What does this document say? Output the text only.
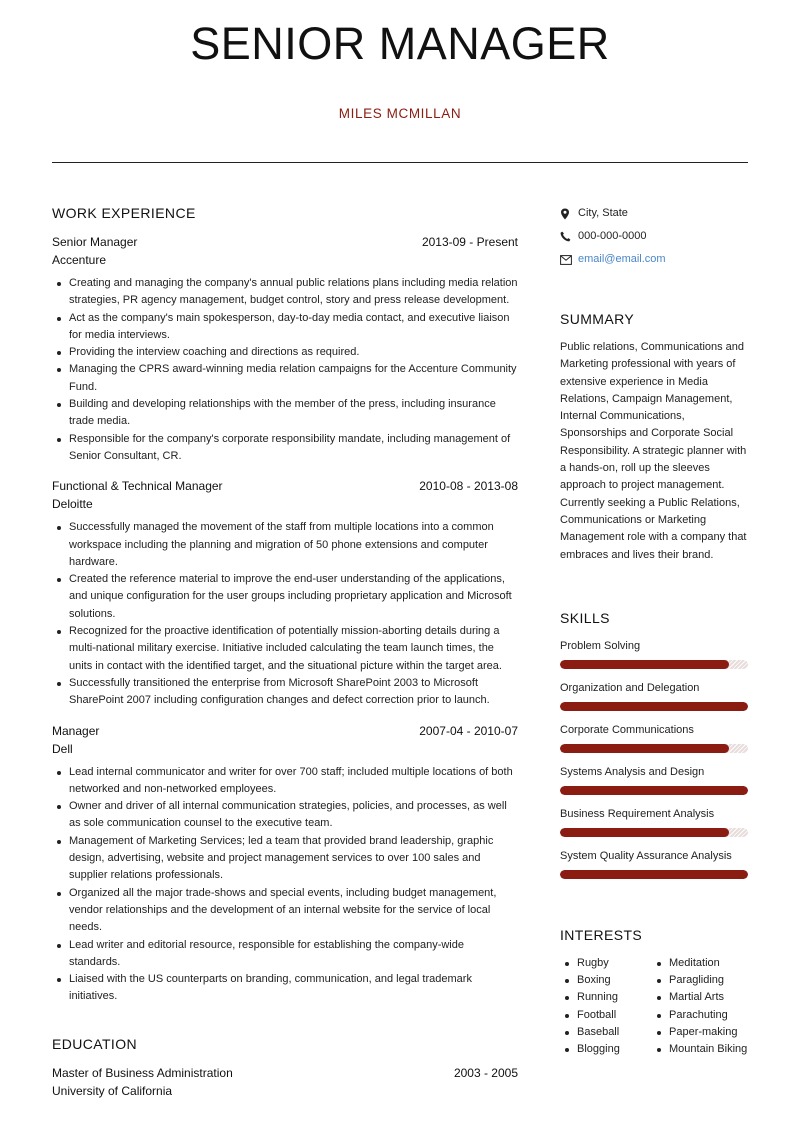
SENIOR MANAGER
MILES MCMILLAN
WORK EXPERIENCE
Senior Manager	2013-09 - Present
Accenture
Creating and managing the company's annual public relations plans including media relation strategies, PR agency management, budget control, story and press release development.
Act as the company's main spokesperson, day-to-day media contact, and executive liaison for media interviews.
Providing the interview coaching and directions as required.
Managing the CPRS award-winning media relation campaigns for the Accenture Community Fund.
Building and developing relationships with the member of the press, including insurance trade media.
Responsible for the company's corporate responsibility mandate, including management of Senior Consultant, CR.
Functional & Technical Manager	2010-08 - 2013-08
Deloitte
Successfully managed the movement of the staff from multiple locations into a common workspace including the planning and migration of 50 phone extensions and computer hardware.
Created the reference material to improve the end-user understanding of the applications, and unique configuration for the user groups including proprietary application and Microsoft solutions.
Recognized for the proactive identification of potentially mission-aborting details during a multi-national military exercise. Initiative included calculating the team launch times, the units in contact with the identified target, and the situational picture within the target area.
Successfully transitioned the enterprise from Microsoft SharePoint 2003 to Microsoft SharePoint 2007 including configuration changes and defect correction prior to launch.
Manager	2007-04 - 2010-07
Dell
Lead internal communicator and writer for over 700 staff; included multiple locations of both networked and non-networked employees.
Owner and driver of all internal communication strategies, policies, and processes, as well as sole communication counsel to the executive team.
Management of Marketing Services; led a team that provided brand leadership, graphic design, advertising, website and project management services to over 100 sales and supplier relations professionals.
Organized all the major trade-shows and special events, including budget management, vendor relationships and the development of an internal website for the service of local needs.
Lead writer and editorial resource, responsible for establishing the company-wide standards.
Liaised with the US counterparts on branding, communication, and legal trademark initiatives.
EDUCATION
Master of Business Administration	2003 - 2005
University of California
City, State
000-000-0000
email@email.com
SUMMARY

Public relations, Communications and Marketing professional with years of extensive experience in Media Relations, Campaign Management, Internal Communications, Sponsorships and Corporate Social Responsibility. A strategic planner with a hands-on, roll up the sleeves approach to project management. Currently seeking a Public Relations, Communications or Marketing Management role with a company that embraces and lives their brand.

SKILLS
Problem Solving
Organization and Delegation
Corporate Communications
Systems Analysis and Design
Business Requirement Analysis
System Quality Assurance Analysis
INTERESTS
Rugby
Boxing
Running
Football
Baseball
Blogging
Meditation
Paragliding
Martial Arts
Parachuting
Paper-making
Mountain Biking
